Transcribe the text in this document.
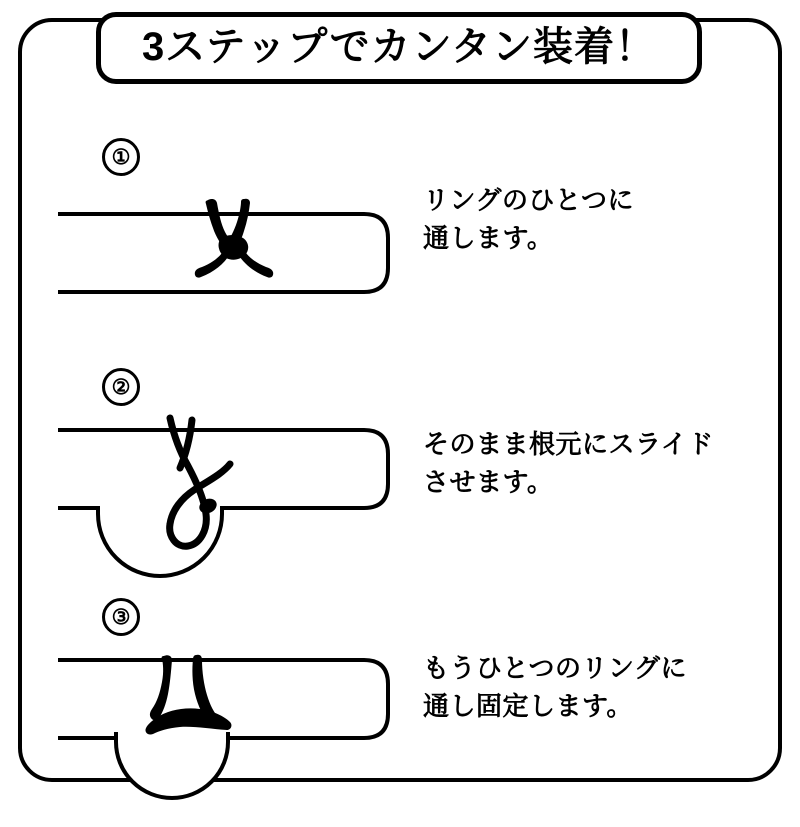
3ステップでカンタン装着！
①
リングのひとつに
通します。
②
そのまま根元にスライド
させます。
③
もうひとつのリングに
通し固定します。
